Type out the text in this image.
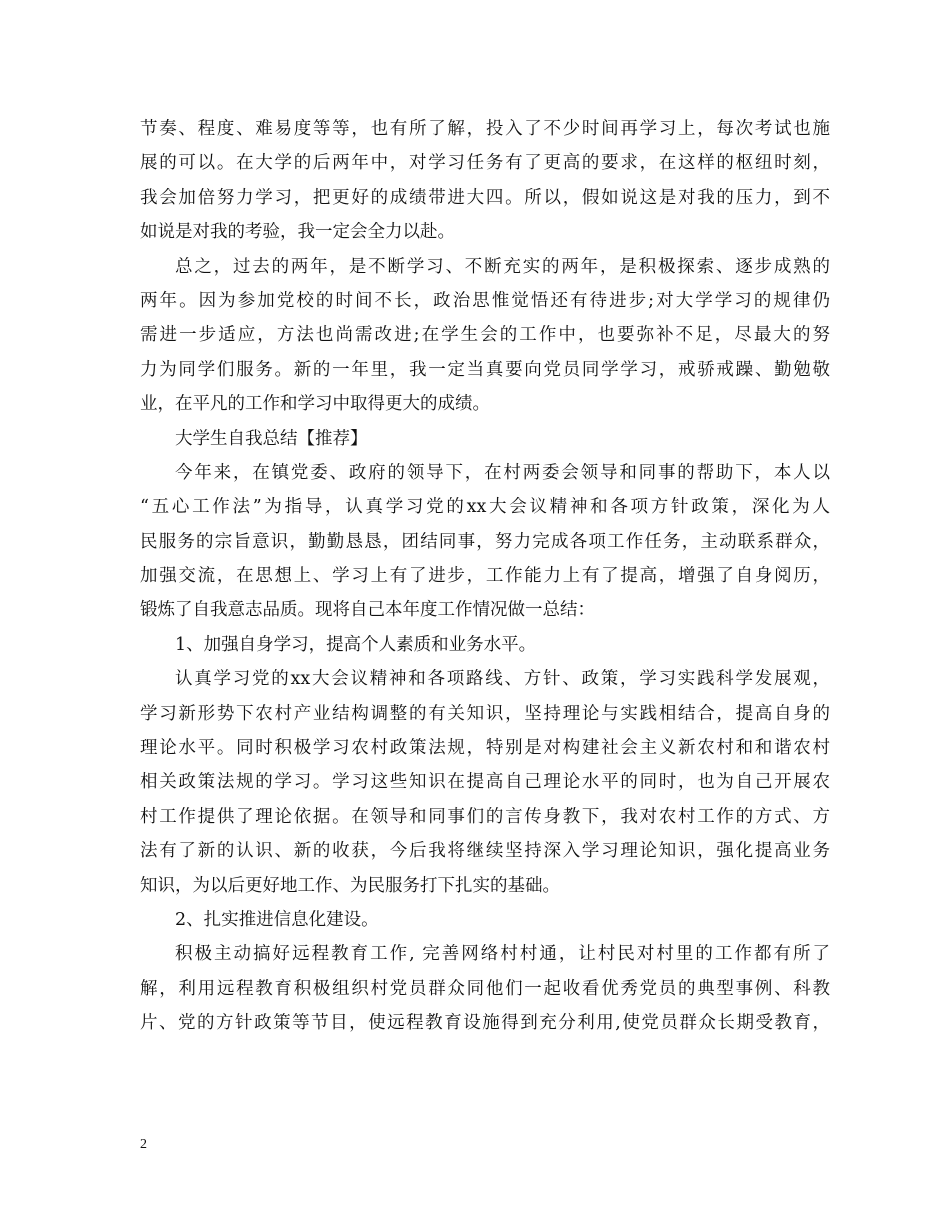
节奏、程度、难易度等等，也有所了解，投入了不少时间再学习上，每次考试也施
展的可以。在大学的后两年中，对学习任务有了更高的要求，在这样的枢纽时刻，
我会加倍努力学习，把更好的成绩带进大四。所以，假如说这是对我的压力，到不
如说是对我的考验，我一定会全力以赴。
总之，过去的两年，是不断学习、不断充实的两年，是积极探索、逐步成熟的
两年。因为参加党校的时间不长，政治思惟觉悟还有待进步;对大学学习的规律仍
需进一步适应，方法也尚需改进;在学生会的工作中，也要弥补不足，尽最大的努
力为同学们服务。新的一年里，我一定当真要向党员同学学习，戒骄戒躁、勤勉敬
业，在平凡的工作和学习中取得更大的成绩。
大学生自我总结【推荐】
今年来，在镇党委、政府的领导下，在村两委会领导和同事的帮助下，本人以
“五心工作法”为指导，认真学习党的xx大会议精神和各项方针政策，深化为人
民服务的宗旨意识，勤勤恳恳，团结同事，努力完成各项工作任务，主动联系群众，
加强交流，在思想上、学习上有了进步，工作能力上有了提高，增强了自身阅历，
锻炼了自我意志品质。现将自己本年度工作情况做一总结：
1、加强自身学习，提高个人素质和业务水平。
认真学习党的xx大会议精神和各项路线、方针、政策，学习实践科学发展观，
学习新形势下农村产业结构调整的有关知识，坚持理论与实践相结合，提高自身的
理论水平。同时积极学习农村政策法规，特别是对构建社会主义新农村和和谐农村
相关政策法规的学习。学习这些知识在提高自己理论水平的同时，也为自己开展农
村工作提供了理论依据。在领导和同事们的言传身教下，我对农村工作的方式、方
法有了新的认识、新的收获，今后我将继续坚持深入学习理论知识，强化提高业务
知识，为以后更好地工作、为民服务打下扎实的基础。
2、扎实推进信息化建设。
积极主动搞好远程教育工作, 完善网络村村通，让村民对村里的工作都有所了
解，利用远程教育积极组织村党员群众同他们一起收看优秀党员的典型事例、科教
片、党的方针政策等节目，使远程教育设施得到充分利用,使党员群众长期受教育，
2
